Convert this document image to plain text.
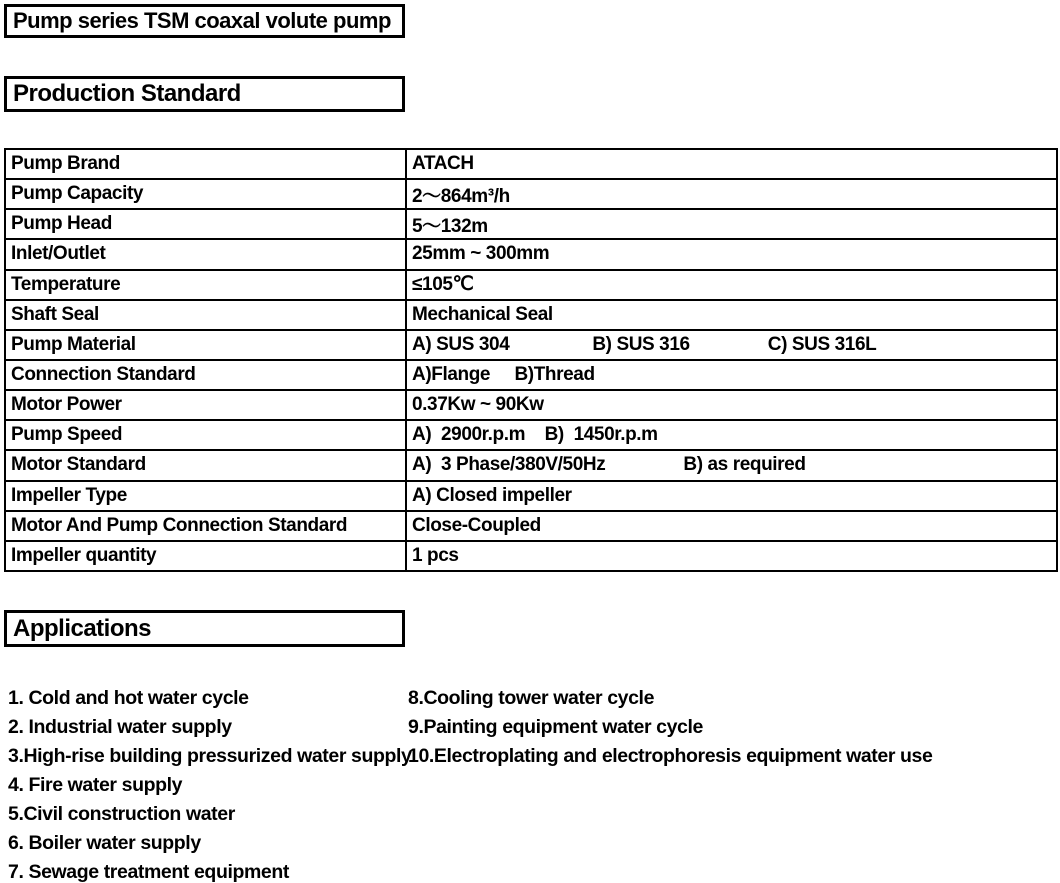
Pump series TSM coaxal volute pump
Production Standard
Pump Brand	ATACH
Pump Capacity	2～864m³/h
Pump Head	5～132m
Inlet/Outlet	25mm ~ 300mm
Temperature	≤105℃
Shaft Seal	Mechanical Seal
Pump Material	A) SUS 304                 B) SUS 316                C) SUS 316L
Connection Standard	A)Flange     B)Thread
Motor Power	0.37Kw ~ 90Kw
Pump Speed	A)  2900r.p.m    B)  1450r.p.m
Motor Standard	A)  3 Phase/380V/50Hz                B) as required
Impeller Type	A) Closed impeller
Motor And Pump Connection Standard	Close-Coupled
Impeller quantity	1 pcs
Applications
1. Cold and hot water cycle
2. Industrial water supply
3.High-rise building pressurized water supply
4. Fire water supply
5.Civil construction water
6. Boiler water supply
7. Sewage treatment equipment
8.Cooling tower water cycle
9.Painting equipment water cycle
10.Electroplating and electrophoresis equipment water use
